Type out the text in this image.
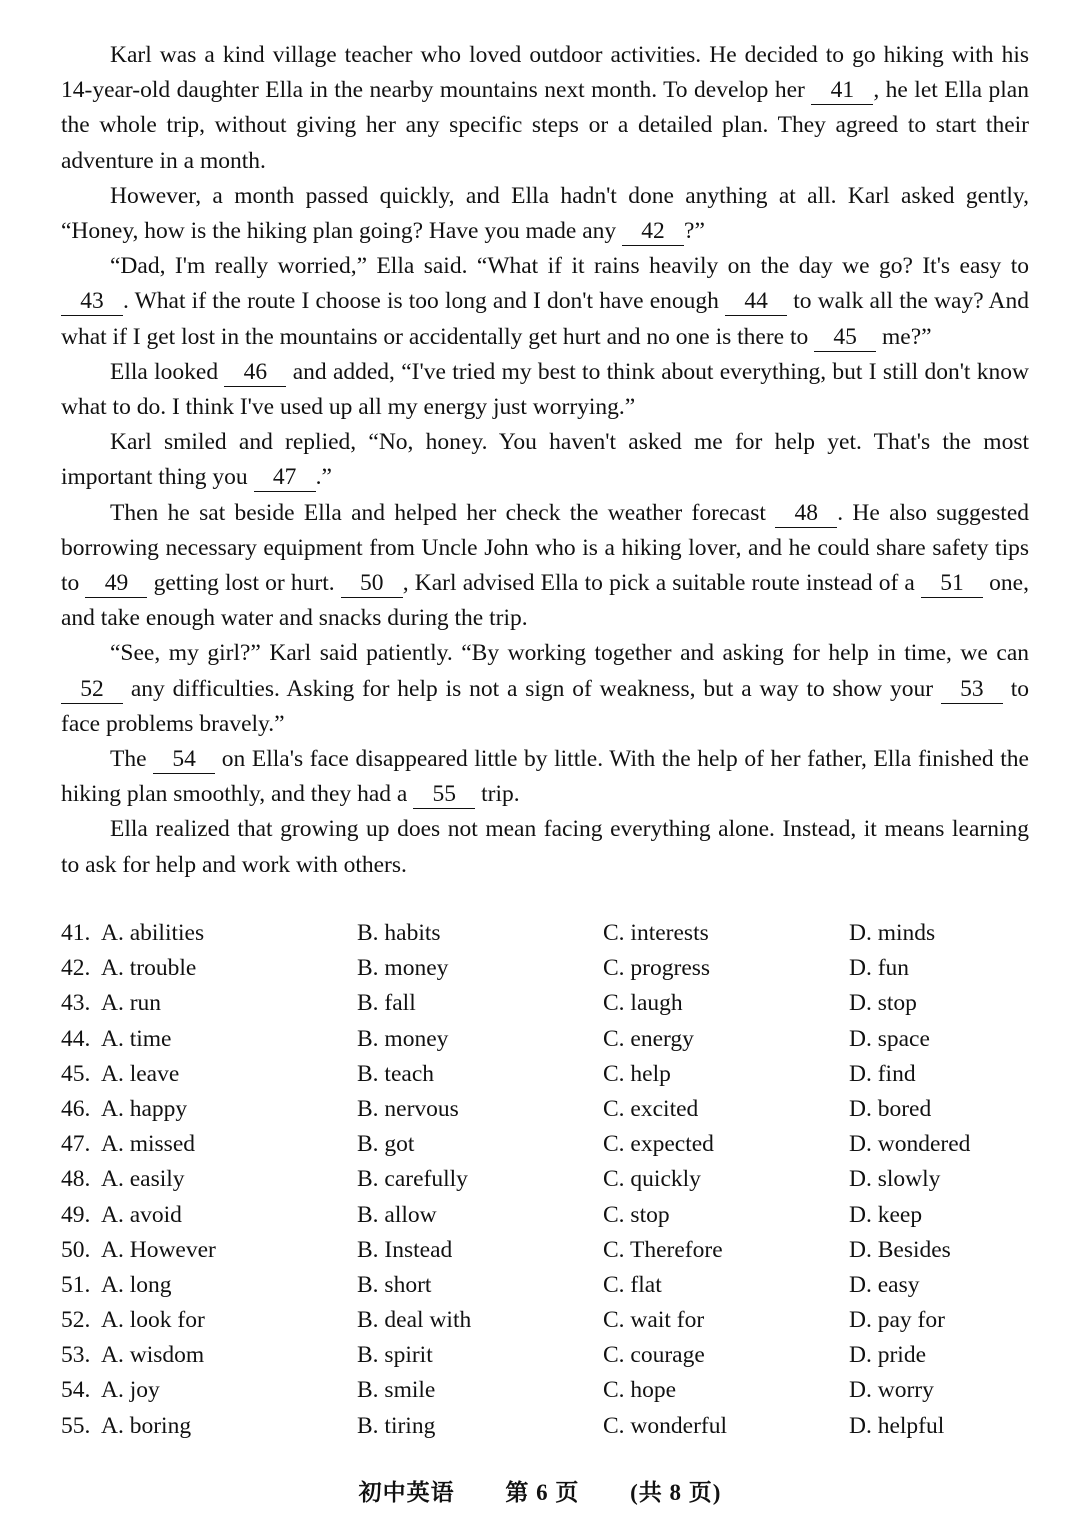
Karl was a kind village teacher who loved outdoor activities. He decided to go hiking with his 14-year-old daughter Ella in the nearby mountains next month. To develop her 41 , he let Ella plan the whole trip, without giving her any specific steps or a detailed plan. They agreed to start their adventure in a month.

However, a month passed quickly, and Ella hadn't done anything at all. Karl asked gently, “Honey, how is the hiking plan going? Have you made any 42 ?”

“Dad, I'm really worried,” Ella said. “What if it rains heavily on the day we go? It's easy to 43 . What if the route I choose is too long and I don't have enough 44 to walk all the way? And what if I get lost in the mountains or accidentally get hurt and no one is there to 45 me?”

Ella looked 46 and added, “I've tried my best to think about everything, but I still don't know what to do. I think I've used up all my energy just worrying.”

Karl smiled and replied, “No, honey. You haven't asked me for help yet. That's the most important thing you 47 .”

Then he sat beside Ella and helped her check the weather forecast 48 . He also suggested borrowing necessary equipment from Uncle John who is a hiking lover, and he could share safety tips to 49 getting lost or hurt. 50 , Karl advised Ella to pick a suitable route instead of a 51 one, and take enough water and snacks during the trip.

“See, my girl?” Karl said patiently. “By working together and asking for help in time, we can 52 any difficulties. Asking for help is not a sign of weakness, but a way to show your 53 to face problems bravely.”

The 54 on Ella's face disappeared little by little. With the help of her father, Ella finished the hiking plan smoothly, and they had a 55 trip.

Ella realized that growing up does not mean facing everything alone. Instead, it means learning to ask for help and work with others.

41. A. abilities	B. habits	C. interests	D. minds
42. A. trouble	B. money	C. progress	D. fun
43. A. run	B. fall	C. laugh	D. stop
44. A. time	B. money	C. energy	D. space
45. A. leave	B. teach	C. help	D. find
46. A. happy	B. nervous	C. excited	D. bored
47. A. missed	B. got	C. expected	D. wondered
48. A. easily	B. carefully	C. quickly	D. slowly
49. A. avoid	B. allow	C. stop	D. keep
50. A. However	B. Instead	C. Therefore	D. Besides
51. A. long	B. short	C. flat	D. easy
52. A. look for	B. deal with	C. wait for	D. pay for
53. A. wisdom	B. spirit	C. courage	D. pride
54. A. joy	B. smile	C. hope	D. worry
55. A. boring	B. tiring	C. wonderful	D. helpful
初中英语 第 6 页 (共 8 页)
